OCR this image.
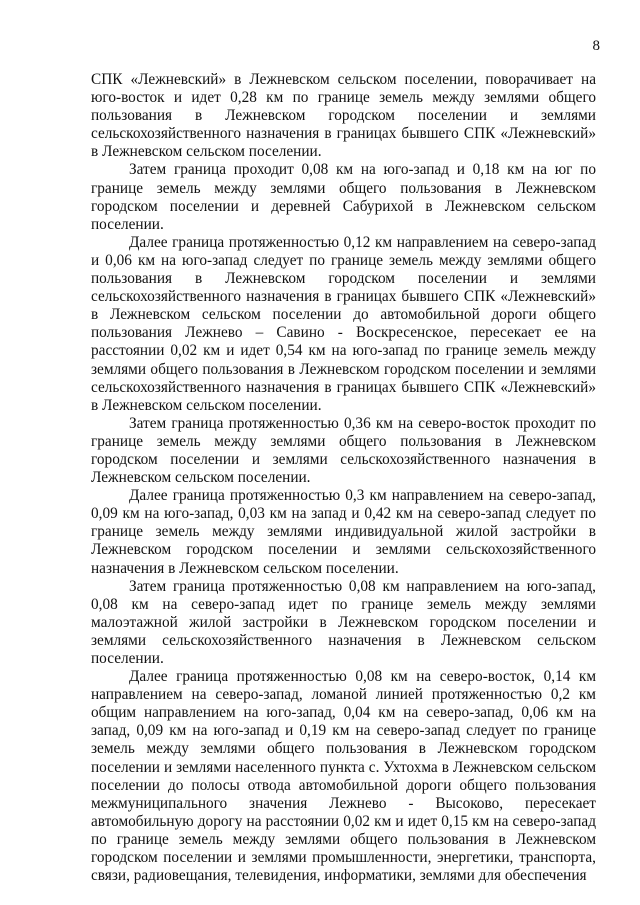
8

СПК «Лежневский» в Лежневском сельском поселении, поворачивает на юго-восток и идет 0,28 км по границе земель между землями общего пользования в Лежневском городском поселении и землями сельскохозяйственного назначения в границах бывшего СПК «Лежневский» в Лежневском сельском поселении.

Затем граница проходит 0,08 км на юго-запад и 0,18 км на юг по границе земель между землями общего пользования в Лежневском городском поселении и деревней Сабурихой в Лежневском сельском поселении.

Далее граница протяженностью 0,12 км направлением на северо-запад и 0,06 км на юго-запад следует по границе земель между землями общего пользования в Лежневском городском поселении и землями сельскохозяйственного назначения в границах бывшего СПК «Лежневский» в Лежневском сельском поселении до автомобильной дороги общего пользования Лежнево – Савино - Воскресенское, пересекает ее на расстоянии 0,02 км и идет 0,54 км на юго-запад по границе земель между землями общего пользования в Лежневском городском поселении и землями сельскохозяйственного назначения в границах бывшего СПК «Лежневский» в Лежневском сельском поселении.

Затем граница протяженностью 0,36 км на северо-восток проходит по границе земель между землями общего пользования в Лежневском городском поселении и землями сельскохозяйственного назначения в Лежневском сельском поселении.

Далее граница протяженностью 0,3 км направлением на северо-запад, 0,09 км на юго-запад, 0,03 км на запад и 0,42 км на северо-запад следует по границе земель между землями индивидуальной жилой застройки в Лежневском городском поселении и землями сельскохозяйственного назначения в Лежневском сельском поселении.

Затем граница протяженностью 0,08 км направлением на юго-запад, 0,08 км на северо-запад идет по границе земель между землями малоэтажной жилой застройки в Лежневском городском поселении и землями сельскохозяйственного назначения в Лежневском сельском поселении.

Далее граница протяженностью 0,08 км на северо-восток, 0,14 км направлением на северо-запад, ломаной линией протяженностью 0,2 км общим направлением на юго-запад, 0,04 км на северо-запад, 0,06 км на запад, 0,09 км на юго-запад и 0,19 км на северо-запад следует по границе земель между землями общего пользования в Лежневском городском поселении и землями населенного пункта с. Ухтохма в Лежневском сельском поселении до полосы отвода автомобильной дороги общего пользования межмуниципального значения Лежнево - Высоково, пересекает автомобильную дорогу на расстоянии 0,02 км и идет 0,15 км на северо-запад по границе земель между землями общего пользования в Лежневском городском поселении и землями промышленности, энергетики, транспорта, связи, радиовещания, телевидения, информатики, землями для обеспечения
